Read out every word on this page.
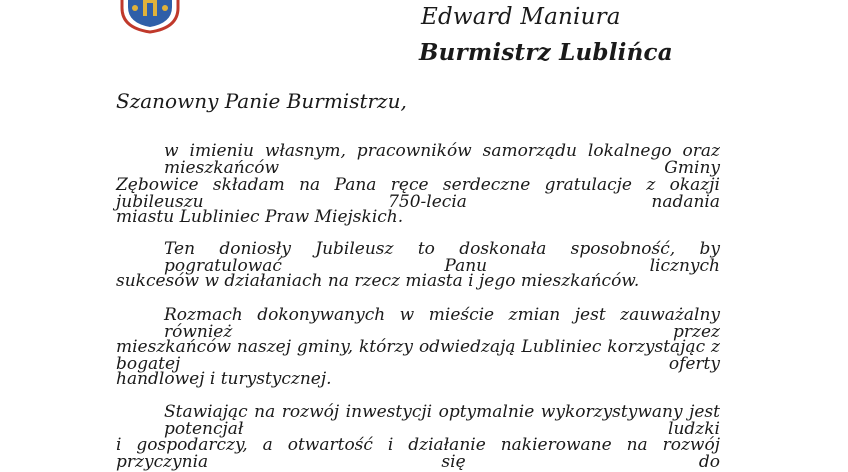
Edward Maniura
Burmistrz Lublińca
Szanowny Panie Burmistrzu,
w imieniu własnym, pracowników samorządu lokalnego oraz mieszkańców Gminy
Zębowice składam na Pana ręce serdeczne gratulacje z okazji jubileuszu 750-lecia nadania
miastu Lubliniec Praw Miejskich.
Ten doniosły Jubileusz to doskonała sposobność, by pogratulować Panu licznych
sukcesów w działaniach na rzecz miasta i jego mieszkańców.
Rozmach dokonywanych w mieście zmian jest zauważalny również przez
mieszkańców naszej gminy, którzy odwiedzają Lubliniec korzystając z bogatej oferty
handlowej i turystycznej.
Stawiając na rozwój inwestycji optymalnie wykorzystywany jest potencjał ludzki
i gospodarczy, a otwartość i działanie nakierowane na rozwój przyczynia się do
